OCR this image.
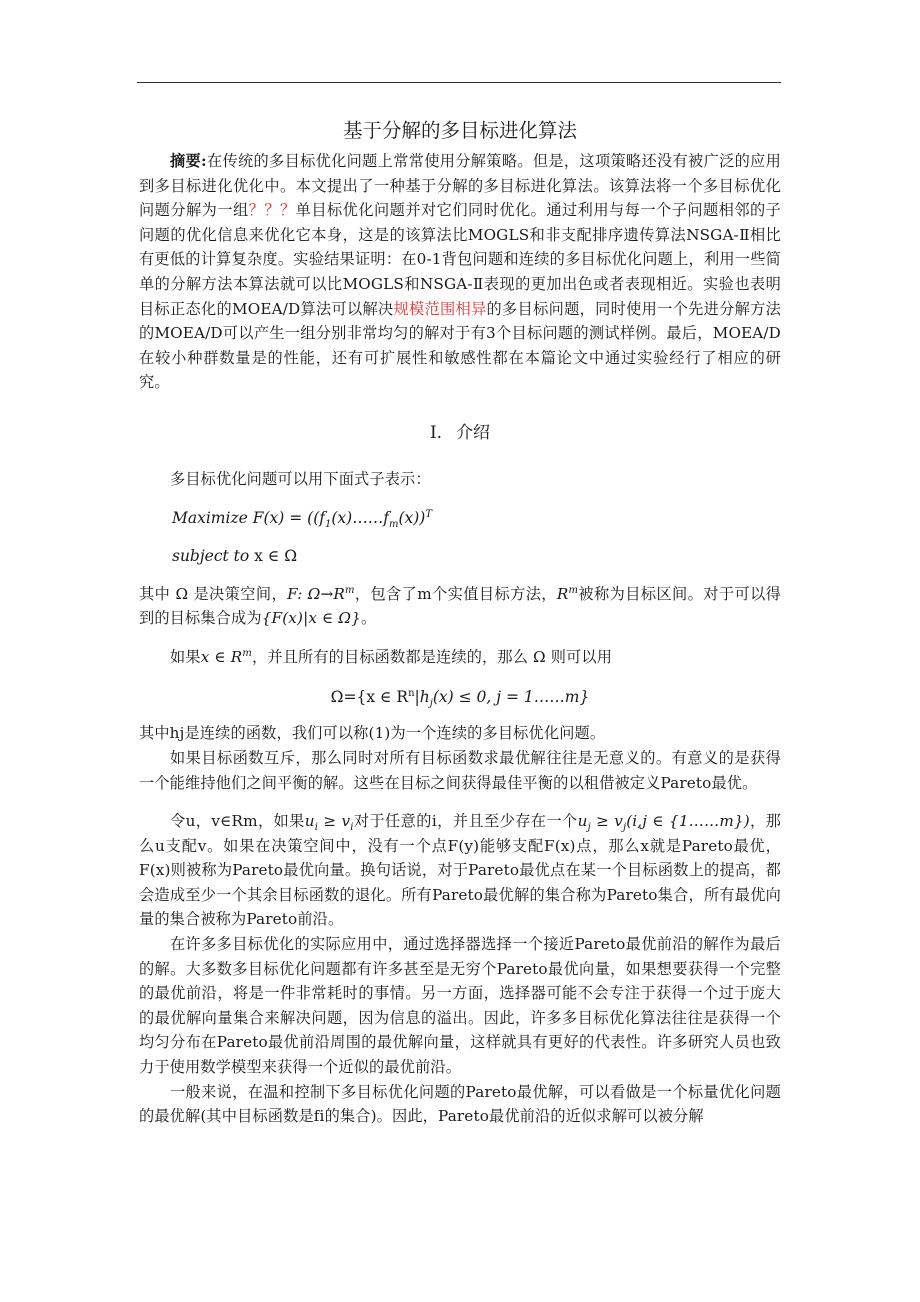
基于分解的多目标进化算法

摘要:在传统的多目标优化问题上常常使用分解策略。但是，这项策略还没有被广泛的应用到多目标进化优化中。本文提出了一种基于分解的多目标进化算法。该算法将一个多目标优化问题分解为一组？？？单目标优化问题并对它们同时优化。通过利用与每一个子问题相邻的子问题的优化信息来优化它本身，这是的该算法比MOGLS和非支配排序遗传算法NSGA-Ⅱ相比有更低的计算复杂度。实验结果证明：在0-1背包问题和连续的多目标优化问题上，利用一些简单的分解方法本算法就可以比MOGLS和NSGA-Ⅱ表现的更加出色或者表现相近。实验也表明目标正态化的MOEA/D算法可以解决规模范围相异的多目标问题，同时使用一个先进分解方法的MOEA/D可以产生一组分别非常均匀的解对于有3个目标问题的测试样例。最后，MOEA/D在较小种群数量是的性能，还有可扩展性和敏感性都在本篇论文中通过实验经行了相应的研究。

I. 介绍

多目标优化问题可以用下面式子表示：

Maximize $F(x) = ((f_1(x)\dots\dots f_m(x))^T$

subject to x ∈ Ω

其中 Ω 是决策空间，F: $\Omega\to R^m$，包含了m个实值目标方法，$R^m$被称为目标区间。对于可以得到的目标集合成为{F(x)|x ∈ Ω}。

如果x ∈ $R^m$，并且所有的目标函数都是连续的，那么 Ω 则可以用

Ω={x ∈ $R^n|h_j(x) \le 0$, j = 1……m}

其中hj是连续的函数，我们可以称(1)为一个连续的多目标优化问题。

如果目标函数互斥，那么同时对所有目标函数求最优解往往是无意义的。有意义的是获得一个能维持他们之间平衡的解。这些在目标之间获得最佳平衡的以租借被定义Pareto最优。

令u，v∈Rm，如果$u_i \ge v_i$对于任意的i，并且至少存在一个$u_j \ge v_j(i,j$ ∈ {1……m})，那么u支配v。如果在决策空间中，没有一个点F(y)能够支配F(x)点，那么x就是Pareto最优，F(x)则被称为Pareto最优向量。换句话说，对于Pareto最优点在某一个目标函数上的提高，都会造成至少一个其余目标函数的退化。所有Pareto最优解的集合称为Pareto集合，所有最优向量的集合被称为Pareto前沿。

在许多多目标优化的实际应用中，通过选择器选择一个接近Pareto最优前沿的解作为最后的解。大多数多目标优化问题都有许多甚至是无穷个Pareto最优向量，如果想要获得一个完整的最优前沿，将是一件非常耗时的事情。另一方面，选择器可能不会专注于获得一个过于庞大的最优解向量集合来解决问题，因为信息的溢出。因此，许多多目标优化算法往往是获得一个均匀分布在Pareto最优前沿周围的最优解向量，这样就具有更好的代表性。许多研究人员也致力于使用数学模型来获得一个近似的最优前沿。

一般来说，在温和控制下多目标优化问题的Pareto最优解，可以看做是一个标量优化问题的最优解(其中目标函数是fi的集合)。因此，Pareto最优前沿的近似求解可以被分解
